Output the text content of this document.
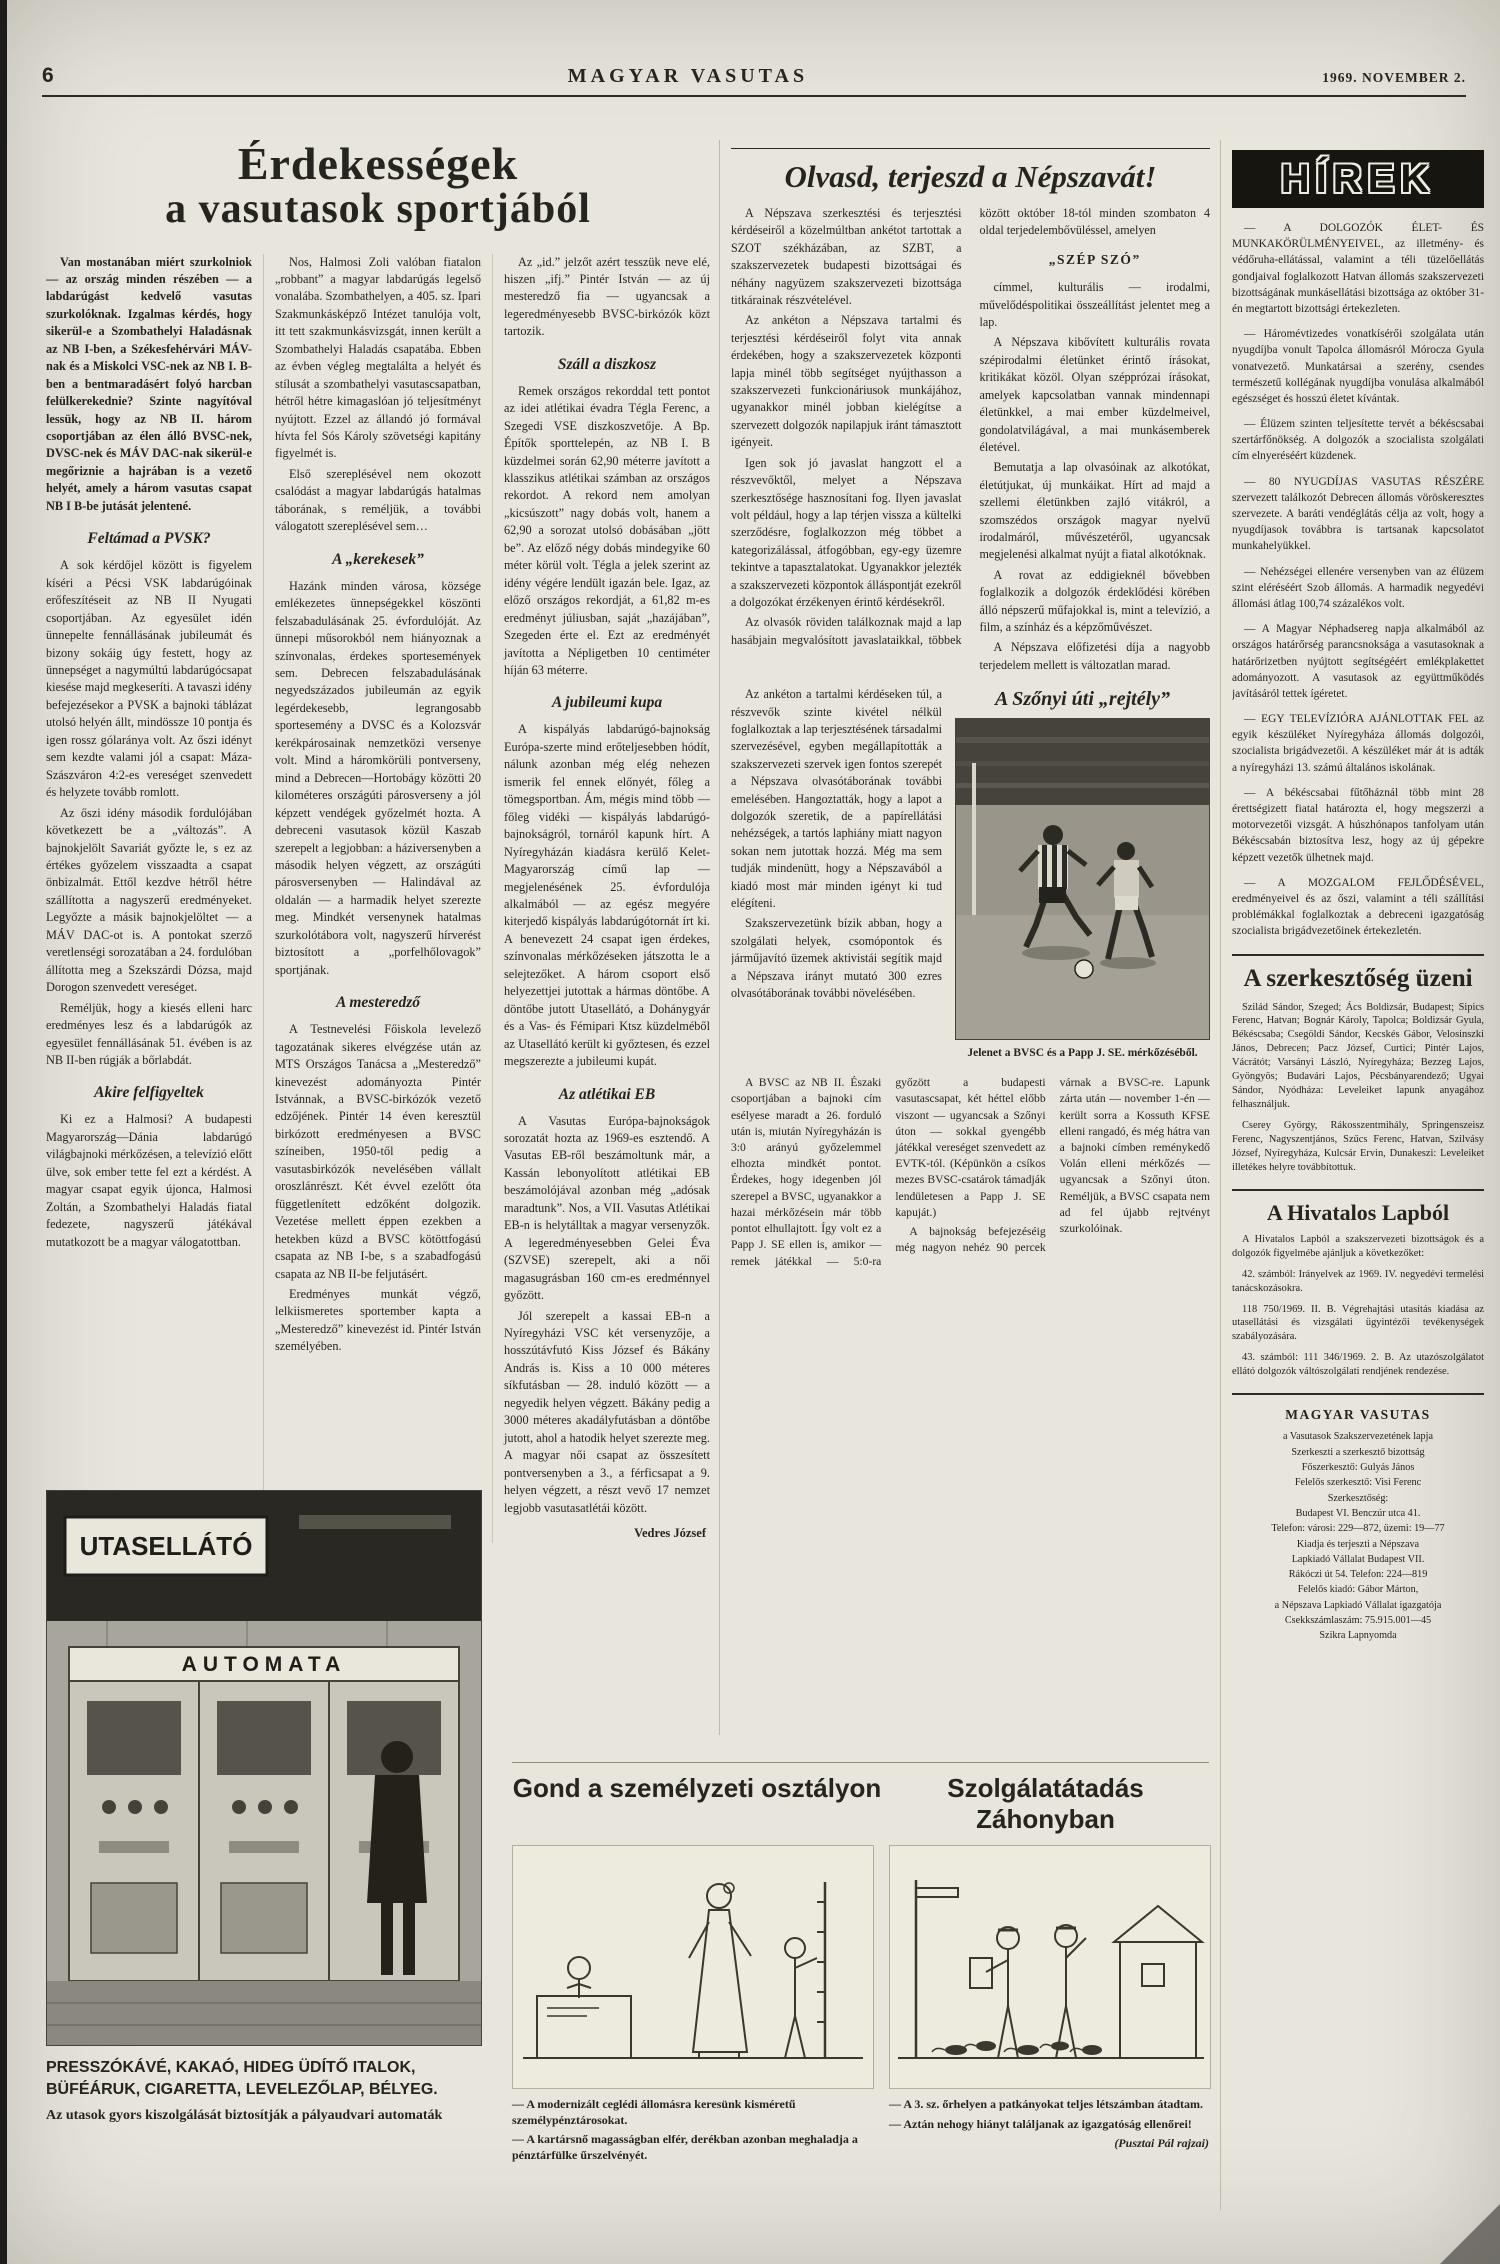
6	MAGYAR VASUTAS	1969. NOVEMBER 2.
Érdekességek
a vasutasok sportjából

Van mostanában miért szurkolniok — az ország minden részében — a labdarúgást kedvelő vasutas szurkolóknak. Izgalmas kérdés, hogy sikerül-e a Szombathelyi Haladásnak az NB I-ben, a Székesfehérvári MÁV-nak és a Miskolci VSC-nek az NB I. B-ben a bentmaradásért folyó harcban felülkerekednie? Szinte nagyítóval lessük, hogy az NB II. három csoportjában az élen álló BVSC-nek, DVSC-nek és MÁV DAC-nak sikerül-e megőriznie a hajrában is a vezető helyét, amely a három vasutas csapat NB I B-be jutását jelentené.

Feltámad a PVSK?

A sok kérdőjel között is figyelem kíséri a Pécsi VSK labdarúgóinak erőfeszítéseit az NB II Nyugati csoportjában. Az egyesület idén ünnepelte fennállásának jubileumát és bizony sokáig úgy festett, hogy az ünnepséget a nagymúltú labdarúgócsapat kiesése majd megkeseríti. A tavaszi idény befejezésekor a PVSK a bajnoki táblázat utolsó helyén állt, mindössze 10 pontja és igen rossz gólaránya volt. Az őszi idényt sem kezdte valami jól a csapat: Máza-Szászváron 4:2-es vereséget szenvedett és helyzete tovább romlott.

Az őszi idény második fordulójában következett be a „változás”. A bajnokjelölt Savariát győzte le, s ez az értékes győzelem visszaadta a csapat önbizalmát. Ettől kezdve hétről hétre szállította a nagyszerű eredményeket. Legyőzte a másik bajnokjelöltet — a MÁV DAC-ot is. A pontokat szerző veretlenségi sorozatában a 24. fordulóban állította meg a Szekszárdi Dózsa, majd Dorogon szenvedett vereséget.

Reméljük, hogy a kiesés elleni harc eredményes lesz és a labdarúgók az egyesület fennállásának 51. évében is az NB II-ben rúgják a bőrlabdát.

Akire felfigyeltek

Ki ez a Halmosi? A budapesti Magyarország—Dánia labdarúgó világbajnoki mérkőzésen, a televízió előtt ülve, sok ember tette fel ezt a kérdést. A magyar csapat egyik újonca, Halmosi Zoltán, a Szombathelyi Haladás fiatal fedezete, nagyszerű játékával mutatkozott be a magyar válogatottban.

Nos, Halmosi Zoli valóban fiatalon „robbant” a magyar labdarúgás legelső vonalába. Szombathelyen, a 405. sz. Ipari Szakmunkásképző Intézet tanulója volt, itt tett szakmunkásvizsgát, innen került a Szombathelyi Haladás csapatába. Ebben az évben végleg megtalálta a helyét és stílusát a szombathelyi vasutascsapatban, hétről hétre kimagaslóan jó teljesítményt nyújtott. Ezzel az állandó jó formával hívta fel Sós Károly szövetségi kapitány figyelmét is.

Első szereplésével nem okozott csalódást a magyar labdarúgás hatalmas táborának, s reméljük, a további válogatott szereplésével sem…

A „kerekesek”

Hazánk minden városa, községe emlékezetes ünnepségekkel köszönti felszabadulásának 25. évfordulóját. Az ünnepi műsorokból nem hiányoznak a színvonalas, érdekes sportesemények sem. Debrecen felszabadulásának negyedszázados jubileumán az egyik legérdekesebb, legrangosabb sportesemény a DVSC és a Kolozsvár kerékpárosainak nemzetközi versenye volt. Mind a háromkörüli pontverseny, mind a Debrecen—Hortobágy közötti 20 kilométeres országúti párosverseny a jól képzett vendégek győzelmét hozta. A debreceni vasutasok közül Kaszab szerepelt a legjobban: a háziversenyben a második helyen végzett, az országúti párosversenyben — Halindával az oldalán — a harmadik helyet szerezte meg. Mindkét versenynek hatalmas szurkolótábora volt, nagyszerű hírverést biztosított a „porfelhőlovagok” sportjának.

A mesteredző

A Testnevelési Főiskola levelező tagozatának sikeres elvégzése után az MTS Országos Tanácsa a „Mesteredző” kinevezést adományozta Pintér Istvánnak, a BVSC-birkózók vezető edzőjének. Pintér 14 éven keresztül birkózott eredményesen a BVSC színeiben, 1950-től pedig a vasutasbirkózók nevelésében vállalt oroszlánrészt. Két évvel ezelőtt óta függetlenített edzőként dolgozik. Vezetése mellett éppen ezekben a hetekben küzd a BVSC kötöttfogású csapata az NB I-be, s a szabadfogású csapata az NB II-be feljutásért.

Eredményes munkát végző, lelkiismeretes sportember kapta a „Mesteredző” kinevezést id. Pintér István személyében.

Az „id.” jelzőt azért tesszük neve elé, hiszen „ifj.” Pintér István — az új mesteredző fia — ugyancsak a legeredményesebb BVSC-birkózók közt tartozik.

Száll a diszkosz

Remek országos rekorddal tett pontot az idei atlétikai évadra Tégla Ferenc, a Szegedi VSE diszkoszvetője. A Bp. Építők sporttelepén, az NB I. B küzdelmei során 62,90 méterre javított a klasszikus atlétikai számban az országos rekordot. A rekord nem amolyan „kicsúszott” nagy dobás volt, hanem a 62,90 a sorozat utolsó dobásában „jött be”. Az előző négy dobás mindegyike 60 méter körül volt. Tégla a jelek szerint az idény végére lendült igazán bele. Igaz, az előző országos rekordját, a 61,82 m-es eredményt júliusban, saját „hazájában”, Szegeden érte el. Ezt az eredményét javította a Népligetben 10 centiméter híján 63 méterre.

A jubileumi kupa

A kispályás labdarúgó-bajnokság Európa-szerte mind erőteljesebben hódít, nálunk azonban még elég nehezen ismerik fel ennek előnyét, főleg a tömegsportban. Ám, mégis mind több — főleg vidéki — kispályás labdarúgó-bajnokságról, tornáról kapunk hírt. A Nyíregyházán kiadásra kerülő Kelet-Magyarország című lap — megjelenésének 25. évfordulója alkalmából — az egész megyére kiterjedő kispályás labdarúgótornát írt ki. A benevezett 24 csapat igen érdekes, színvonalas mérkőzéseken játszotta le a selejtezőket. A három csoport első helyezettjei jutottak a hármas döntőbe. A döntőbe jutott Utasellátó, a Dohánygyár és a Vas- és Fémipari Ktsz küzdelméből az Utasellátó került ki győztesen, és ezzel megszerezte a jubileumi kupát.

Az atlétikai EB

A Vasutas Európa-bajnokságok sorozatát hozta az 1969-es esztendő. A Vasutas EB-ről beszámoltunk már, a Kassán lebonyolított atlétikai EB beszámolójával azonban még „adósak maradtunk”. Nos, a VII. Vasutas Atlétikai EB-n is helytálltak a magyar versenyzők. A legeredményesebben Gelei Éva (SZVSE) szerepelt, aki a női magasugrásban 160 cm-es eredménnyel győzött.

Jól szerepelt a kassai EB-n a Nyíregyházi VSC két versenyzője, a hosszútávfutó Kiss József és Bákány András is. Kiss a 10 000 méteres síkfutásban — 28. induló között — a negyedik helyen végzett. Bákány pedig a 3000 méteres akadályfutásban a döntőbe jutott, ahol a hatodik helyet szerezte meg. A magyar női csapat az összesített pontversenyben a 3., a férficsapat a 9. helyen végzett, a részt vevő 17 nemzet legjobb vasutasatlétái között.

Vedres József
Olvasd, terjeszd a Népszavát!

A Népszava szerkesztési és terjesztési kérdéseiről a közelmúltban ankétot tartottak a SZOT székházában, az SZBT, a szakszervezetek budapesti bizottságai és néhány nagyüzem szakszervezeti bizottsága titkárainak részvételével.

Az ankéton a Népszava tartalmi és terjesztési kérdéseiről folyt vita annak érdekében, hogy a szakszervezetek központi lapja minél több segítséget nyújthasson a szakszervezeti funkcionáriusok munkájához, ugyanakkor minél jobban kielégítse a szervezett dolgozók napilapjuk iránt támasztott igényeit.

Igen sok jó javaslat hangzott el a részvevőktől, melyet a Népszava szerkesztősége hasznosítani fog. Ilyen javaslat volt például, hogy a lap térjen vissza a kültelki szerződésre, foglalkozzon még többet a kategorizálással, átfogóbban, egy-egy üzemre tekintve a tapasztalatokat. Ugyanakkor jelezték a szakszervezeti központok álláspontját ezekről a dolgozókat érzékenyen érintő kérdésekről.

Az olvasók röviden találkoznak majd a lap hasábjain megvalósított javaslataikkal, többek között október 18-tól minden szombaton 4 oldal terjedelembővüléssel, amelyen

„SZÉP SZÓ”

címmel, kulturális — irodalmi, művelődéspolitikai összeállítást jelentet meg a lap.

A Népszava kibővített kulturális rovata szépirodalmi életünket érintő írásokat, kritikákat közöl. Olyan szépprózai írásokat, amelyek kapcsolatban vannak mindennapi életünkkel, a mai ember küzdelmeivel, gondolatvilágával, a mai munkásemberek életével.

Bemutatja a lap olvasóinak az alkotókat, életútjukat, új munkáikat. Hírt ad majd a szellemi életünkben zajló vitákról, a szomszédos országok magyar nyelvű irodalmáról, művészetéről, ugyancsak megjelenési alkalmat nyújt a fiatal alkotóknak.

A rovat az eddigieknél bővebben foglalkozik a dolgozók érdeklődési körében álló népszerű műfajokkal is, mint a televízió, a film, a színház és a képzőművészet.

A Népszava előfizetési díja a nagyobb terjedelem mellett is változatlan marad.

Az ankéton a tartalmi kérdéseken túl, a részvevők szinte kivétel nélkül foglalkoztak a lap terjesztésének társadalmi szervezésével, egyben megállapították a szakszervezeti szervek igen fontos szerepét a Népszava olvasótáborának további emelésében. Hangoztatták, hogy a lapot a dolgozók szeretik, de a papírellátási nehézségek, a tartós laphiány miatt nagyon sokan nem jutottak hozzá. Még ma sem tudják mindenütt, hogy a Népszavából a kiadó most már minden igényt ki tud elégíteni.

Szakszervezetünk bízik abban, hogy a szolgálati helyek, csomópontok és járműjavító üzemek aktivistái segítik majd a Népszava irányt mutató 300 ezres olvasótáborának további növelésében.

A Szőnyi úti „rejtély”
Jelenet a BVSC és a Papp J. SE. mérkőzéséből.

A BVSC az NB II. Északi csoportjában a bajnoki cím esélyese maradt a 26. forduló után is, miután Nyíregyházán is 3:0 arányú győzelemmel elhozta mindkét pontot. Érdekes, hogy idegenben jól szerepel a BVSC, ugyanakkor a hazai mérkőzésein már több pontot elhullajtott. Így volt ez a Papp J. SE ellen is, amikor — remek játékkal — 5:0-ra győzött a budapesti vasutascsapat, két héttel előbb viszont — ugyancsak a Szőnyi úton — sokkal gyengébb játékkal vereséget szenvedett az EVTK-tól. (Képünkön a csíkos mezes BVSC-csatárok támadják lendületesen a Papp J. SE kapuját.)

A bajnokság befejezéséig még nagyon nehéz 90 percek várnak a BVSC-re. Lapunk zárta után — november 1-én — került sorra a Kossuth KFSE elleni rangadó, és még hátra van a bajnoki címben reménykedő Volán elleni mérkőzés — ugyancsak a Szőnyi úton. Reméljük, a BVSC csapata nem ad fel újabb rejtvényt szurkolóinak.

HÍREK

— A DOLGOZÓK ÉLET- ÉS MUNKAKÖRÜLMÉNYEIVEL, az illetmény- és védőruha-ellátással, valamint a téli tüzelőellátás gondjaival foglalkozott Hatvan állomás szakszervezeti bizottságának munkásellátási bizottsága az október 31-én megtartott bizottsági értekezleten.

— Háromévtizedes vonatkísérői szolgálata után nyugdíjba vonult Tapolca állomásról Mórocza Gyula vonatvezető. Munkatársai a szerény, csendes természetű kollégának nyugdíjba vonulása alkalmából egészséget és hosszú életet kívántak.

— Élüzem szinten teljesítette tervét a békéscsabai szertárfőnökség. A dolgozók a szocialista szolgálati cím elnyeréséért küzdenek.

— 80 NYUGDÍJAS VASUTAS RÉSZÉRE szervezett találkozót Debrecen állomás vöröskeresztes szervezete. A baráti vendéglátás célja az volt, hogy a nyugdíjasok továbbra is tartsanak kapcsolatot munkahelyükkel.

— Nehézségei ellenére versenyben van az élüzem szint eléréséért Szob állomás. A harmadik negyedévi állomási átlag 100,74 százalékos volt.

— A Magyar Néphadsereg napja alkalmából az országos határőrség parancsnoksága a vasutasoknak a határőrizetben nyújtott segítségéért emlékplakettet adományozott. A vasutasok az együttműködés javításáról tettek ígéretet.

— EGY TELEVÍZIÓRA AJÁNLOTTAK FEL az egyik készüléket Nyíregyháza állomás dolgozói, szocialista brigádvezetői. A készüléket már át is adták a nyíregyházi 13. számú általános iskolának.

— A békéscsabai fűtőháznál több mint 28 érettségizett fiatal határozta el, hogy megszerzi a motorvezetői vizsgát. A húszhónapos tanfolyam után Békéscsabán biztosítva lesz, hogy az új gépekre képzett vezetők ülhetnek majd.

— A MOZGALOM FEJLŐDÉSÉVEL, eredményeivel és az őszi, valamint a téli szállítási problémákkal foglalkoztak a debreceni igazgatóság szocialista brigádvezetőinek értekezletén.

A szerkesztőség üzeni

Szilád Sándor, Szeged; Ács Boldizsár, Budapest; Sipics Ferenc, Hatvan; Bognár Károly, Tapolca; Boldizsár Gyula, Békéscsaba; Csegöldi Sándor, Kecskés Gábor, Velosinszki János, Debrecen; Pacz József, Curtici; Pintér Lajos, Vácrátót; Varsányi László, Nyíregyháza; Bezzeg Lajos, Gyöngyös; Budavári Lajos, Pécsbányarendező; Ugyai Sándor, Nyódháza: Leveleiket lapunk anyagához felhasználjuk.

Cserey György, Rákosszentmihály, Springenszeisz Ferenc, Nagyszentjános, Szűcs Ferenc, Hatvan, Szilvásy József, Nyíregyháza, Kulcsár Ervin, Dunakeszi: Leveleiket illetékes helyre továbbítottuk.

A Hivatalos Lapból

A Hivatalos Lapból a szakszervezeti bizottságok és a dolgozók figyelmébe ajánljuk a következőket:

42. számból: Irányelvek az 1969. IV. negyedévi termelési tanácskozásokra.

118 750/1969. II. B. Végrehajtási utasítás kiadása az utasellátási és vizsgálati ügyintézői tevékenységek szabályozására.

43. számból: 111 346/1969. 2. B. Az utazószolgálatot ellátó dolgozók váltószolgálati rendjének rendezése.

MAGYAR VASUTAS

a Vasutasok Szakszervezetének lapja

Szerkeszti a szerkesztő bizottság

Főszerkesztő: Gulyás János

Felelős szerkesztő: Visi Ferenc

Szerkesztőség:

Budapest VI. Benczúr utca 41.

Telefon: városi: 229—872, üzemi: 19—77

Kiadja és terjeszti a Népszava

Lapkiadó Vállalat Budapest VII.

Rákóczi út 54. Telefon: 224—819

Felelős kiadó: Gábor Márton,

a Népszava Lapkiadó Vállalat igazgatója

Csekkszámlaszám: 75.915.001—45

Szikra Lapnyomda

Gond a személyzeti osztályon	Szolgálatátadás Záhonyban

— A modernizált ceglédi állomásra keresünk kisméretű személypénztárosokat.

— A kartársnő magasságban elfér, derékban azonban meghaladja a pénztárfülke űrszelvényét.

— A 3. sz. őrhelyen a patkányokat teljes létszámban átadtam.

— Aztán nehogy hiányt találjanak az igazgatóság ellenőrei!

(Pusztai Pál rajzai)
UTASELLÁTÓ
AUTOMATA
PRESSZÓKÁVÉ, KAKAÓ, HIDEG ÜDÍTŐ ITALOK, BÜFÉÁRUK, CIGARETTA, LEVELEZŐLAP, BÉLYEG.
Az utasok gyors kiszolgálását biztosítják a pályaudvari automaták
